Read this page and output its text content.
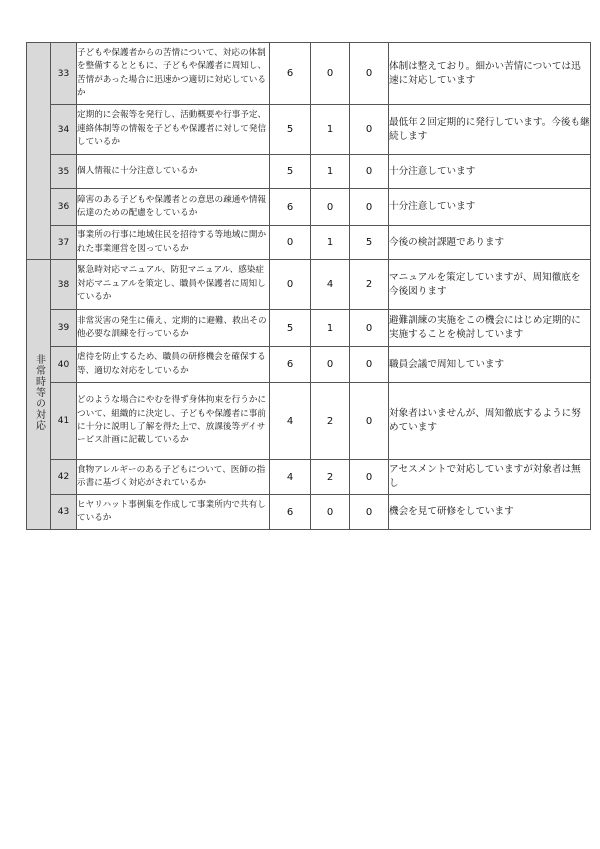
	33	子どもや保護者からの苦情について、対応の体制を整備するとともに、子どもや保護者に周知し、苦情があった場合に迅速かつ適切に対応しているか	6	0	0	体制は整えており。細かい苦情については迅速に対応しています
	34	定期的に会報等を発行し、活動概要や行事予定、連絡体制等の情報を子どもや保護者に対して発信しているか	5	1	0	最低年２回定期的に発行しています。今後も継続します
	35	個人情報に十分注意しているか	5	1	0	十分注意しています
	36	障害のある子どもや保護者との意思の疎通や情報伝達のための配慮をしているか	6	0	0	十分注意しています
	37	事業所の行事に地域住民を招待する等地域に開かれた事業運営を図っているか	0	1	5	今後の検討課題であります
非常時等の対応	38	緊急時対応マニュアル、防犯マニュアル、感染症対応マニュアルを策定し、職員や保護者に周知しているか	0	4	2	マニュアルを策定していますが、周知徹底を今後図ります
	39	非常災害の発生に備え、定期的に避難、救出その他必要な訓練を行っているか	5	1	0	避難訓練の実施をこの機会にはじめ定期的に実施することを検討しています
	40	虐待を防止するため、職員の研修機会を確保する等、適切な対応をしているか	6	0	0	職員会議で周知しています
	41	どのような場合にやむを得ず身体拘束を行うかについて、組織的に決定し、子どもや保護者に事前に十分に説明し了解を得た上で、放課後等デイサービス計画に記載しているか	4	2	0	対象者はいませんが、周知徹底するように努めています
	42	食物アレルギーのある子どもについて、医師の指示書に基づく対応がされているか	4	2	0	アセスメントで対応していますが対象者は無し
	43	ヒヤリハット事例集を作成して事業所内で共有しているか	6	0	0	機会を見て研修をしています
